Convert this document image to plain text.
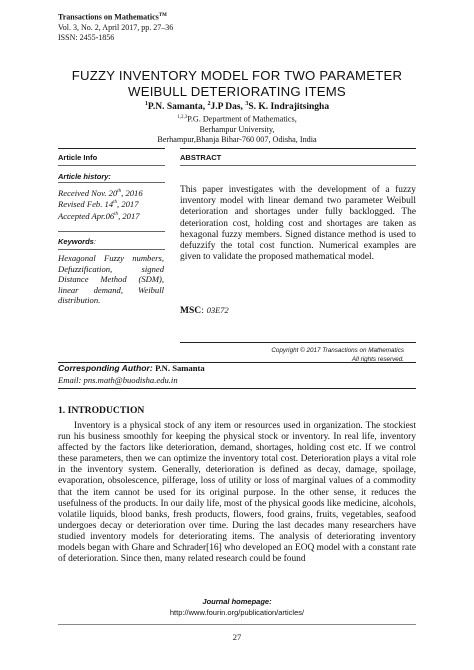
Transactions on Mathematics™
Vol. 3, No. 2, April 2017, pp. 27–36
ISSN: 2455-1856
FUZZY INVENTORY MODEL FOR TWO PARAMETER
WEIBULL DETERIORATING ITEMS
$^1$P.N. Samanta, $^2$J.P Das, $^3$S. K. Indrajitsingha
$^{1,2,3}$P.G. Department of Mathematics,
Berhampur University,
Berhampur,Bhanja Bihar-760 007, Odisha, India
Article Info	ABSTRACT
Article history:
Received Nov. 20th, 2016
Revised Feb. 14th, 2017
Accepted Apr.06th, 2017
Keywords:
Hexagonal Fuzzy numbers, Defuzzification, signed Distance Method (SDM), linear demand, Weibull distribution.
This paper investigates with the development of a fuzzy inventory model with linear demand two parameter Weibull deterioration and shortages under fully backlogged. The deterioration cost, holding cost and shortages are taken as hexagonal fuzzy members. Signed distance method is used to defuzzify the total cost function. Numerical examples are given to validate the proposed mathematical model.
MSC: 03E72
Copyright © 2017 Transactions on Mathematics
All rights reserved.
Corresponding Author: P.N. Samanta
Email: pns.math@buodisha.edu.in
1. INTRODUCTION

Inventory is a physical stock of any item or resources used in organization. The stockiest run his business smoothly for keeping the physical stock or inventory. In real life, inventory affected by the factors like deterioration, demand, shortages, holding cost etc. If we control these parameters, then we can optimize the inventory total cost. Deterioration plays a vital role in the inventory system. Generally, deterioration is defined as decay, damage, spoilage, evaporation, obsolescence, pilferage, loss of utility or loss of marginal values of a commodity that the item cannot be used for its original purpose. In the other sense, it reduces the usefulness of the products. In our daily life, most of the physical goods like medicine, alcohols, volatile liquids, blood banks, fresh products, flowers, food grains, fruits, vegetables, seafood undergoes decay or deterioration over time. During the last decades many researchers have studied inventory models for deteriorating items. The analysis of deteriorating inventory models began with Ghare and Schrader[16] who developed an EOQ model with a constant rate of deterioration. Since then, many related research could be found

Journal homepage:
http://www.fourin.org/publication/articles/
27
